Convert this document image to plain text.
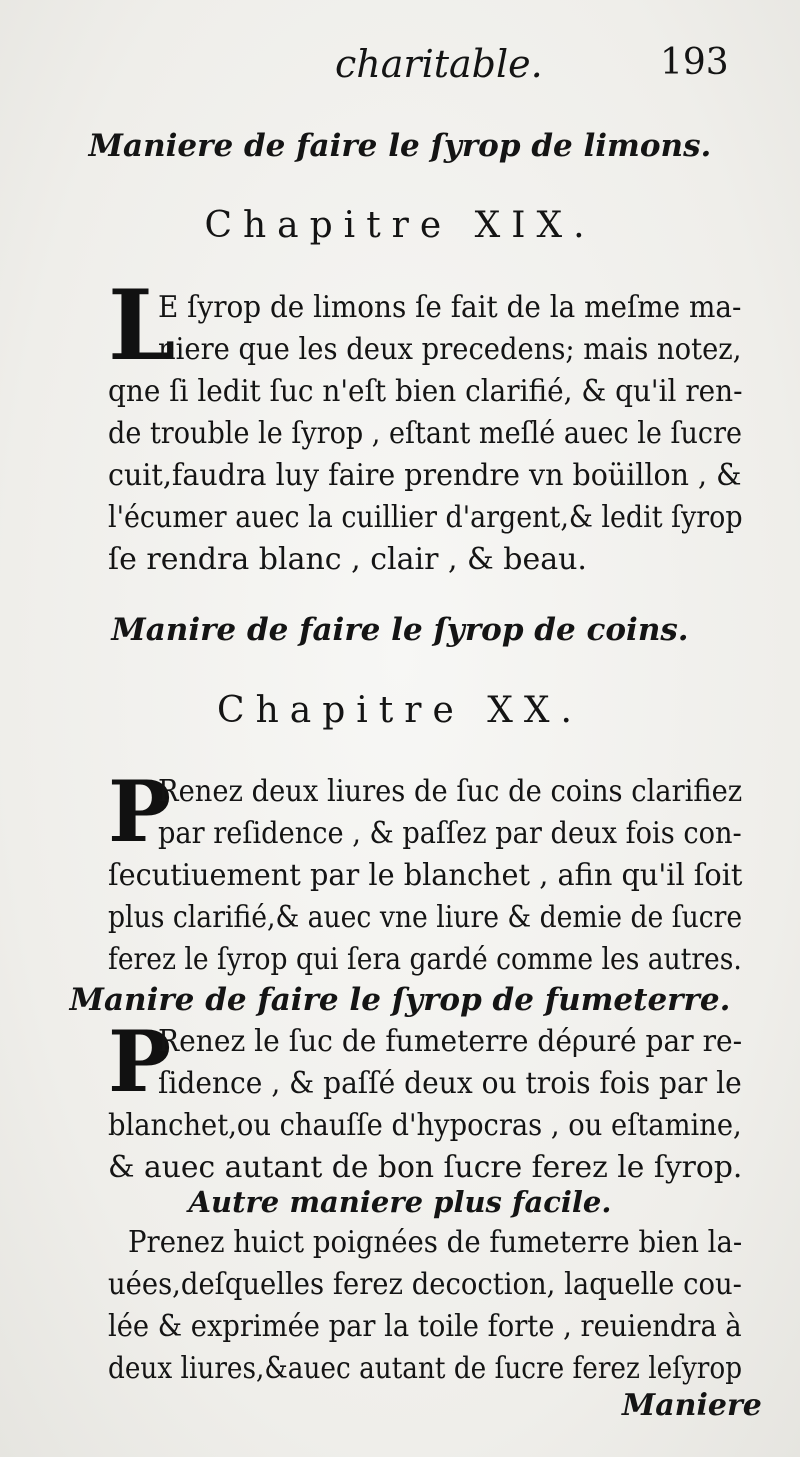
charitable.	193
Maniere de faire le ſyrop de limons.
Chapitre XIX.
L
E ſyrop de limons ſe fait de la meſme ma-
niere que les deux precedens; mais notez,
qne ſi ledit ſuc n'eſt bien clarifié, & qu'il ren-
de trouble le ſyrop , eſtant meſlé auec le ſucre
cuit,faudra luy faire prendre vn boüillon , &
l'écumer auec la cuillier d'argent,& ledit ſyrop
ſe rendra blanc , clair , & beau.
Manire de faire le ſyrop de coins.
Chapitre XX.
P
Renez deux liures de ſuc de coins clarifiez
par reſidence , & paſſez par deux fois con-
ſecutiuement par le blanchet , afin qu'il ſoit
plus clarifié,& auec vne liure & demie de ſucre
ferez le ſyrop qui ſera gardé comme les autres.
Manire de faire le ſyrop de fumeterre.
P
Renez le ſuc de fumeterre déρuré par re-
ſidence , & paſſé deux ou trois fois par le
blanchet,ou chauſſe d'hypocras , ou eſtamine,
& auec autant de bon ſucre ferez le ſyrop.
Autre maniere plus facile.
Prenez huict poignées de fumeterre bien la-
uées,deſquelles ferez decoction, laquelle cou-
lée & exprimée par la toile forte , reuiendra à
deux liures,&auec autant de ſucre ferez leſyrop
Maniere
